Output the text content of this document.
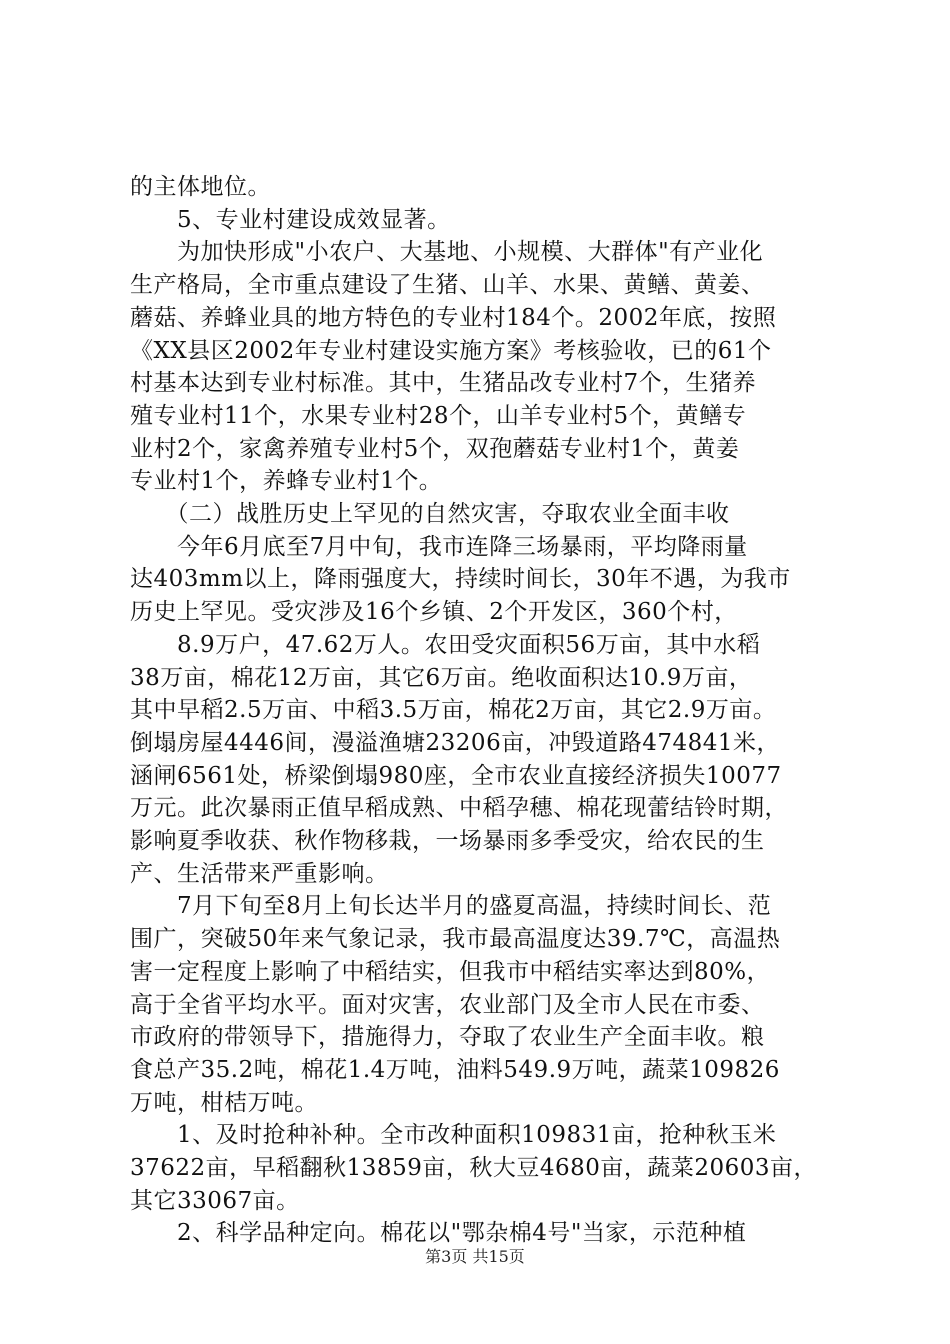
的主体地位。
　　5、专业村建设成效显著。
　　为加快形成"小农户、大基地、小规模、大群体"有产业化
生产格局，全市重点建设了生猪、山羊、水果、黄鳝、黄姜、
蘑菇、养蜂业具的地方特色的专业村184个。2002年底，按照
《XX县区2002年专业村建设实施方案》考核验收，已的61个
村基本达到专业村标准。其中，生猪品改专业村7个，生猪养
殖专业村11个，水果专业村28个，山羊专业村5个，黄鳝专
业村2个，家禽养殖专业村5个，双孢蘑菇专业村1个，黄姜
专业村1个，养蜂专业村1个。
　　（二）战胜历史上罕见的自然灾害，夺取农业全面丰收
　　今年6月底至7月中旬，我市连降三场暴雨，平均降雨量
达403mm以上，降雨强度大，持续时间长，30年不遇，为我市
历史上罕见。受灾涉及16个乡镇、2个开发区，360个村，
　　8.9万户，47.62万人。农田受灾面积56万亩，其中水稻
38万亩，棉花12万亩，其它6万亩。绝收面积达10.9万亩，
其中早稻2.5万亩、中稻3.5万亩，棉花2万亩，其它2.9万亩。
倒塌房屋4446间，漫溢渔塘23206亩，冲毁道路474841米，
涵闸6561处，桥梁倒塌980座，全市农业直接经济损失10077
万元。此次暴雨正值早稻成熟、中稻孕穗、棉花现蕾结铃时期，
影响夏季收获、秋作物移栽，一场暴雨多季受灾，给农民的生
产、生活带来严重影响。
　　7月下旬至8月上旬长达半月的盛夏高温，持续时间长、范
围广，突破50年来气象记录，我市最高温度达39.7℃，高温热
害一定程度上影响了中稻结实，但我市中稻结实率达到80%，
高于全省平均水平。面对灾害，农业部门及全市人民在市委、
市政府的带领导下，措施得力，夺取了农业生产全面丰收。粮
食总产35.2吨，棉花1.4万吨，油料549.9万吨，蔬菜109826
万吨，柑桔万吨。
　　1、及时抢种补种。全市改种面积109831亩，抢种秋玉米
37622亩，早稻翻秋13859亩，秋大豆4680亩，蔬菜20603亩，
其它33067亩。
　　2、科学品种定向。棉花以"鄂杂棉4号"当家，示范种植
第3页 共15页
